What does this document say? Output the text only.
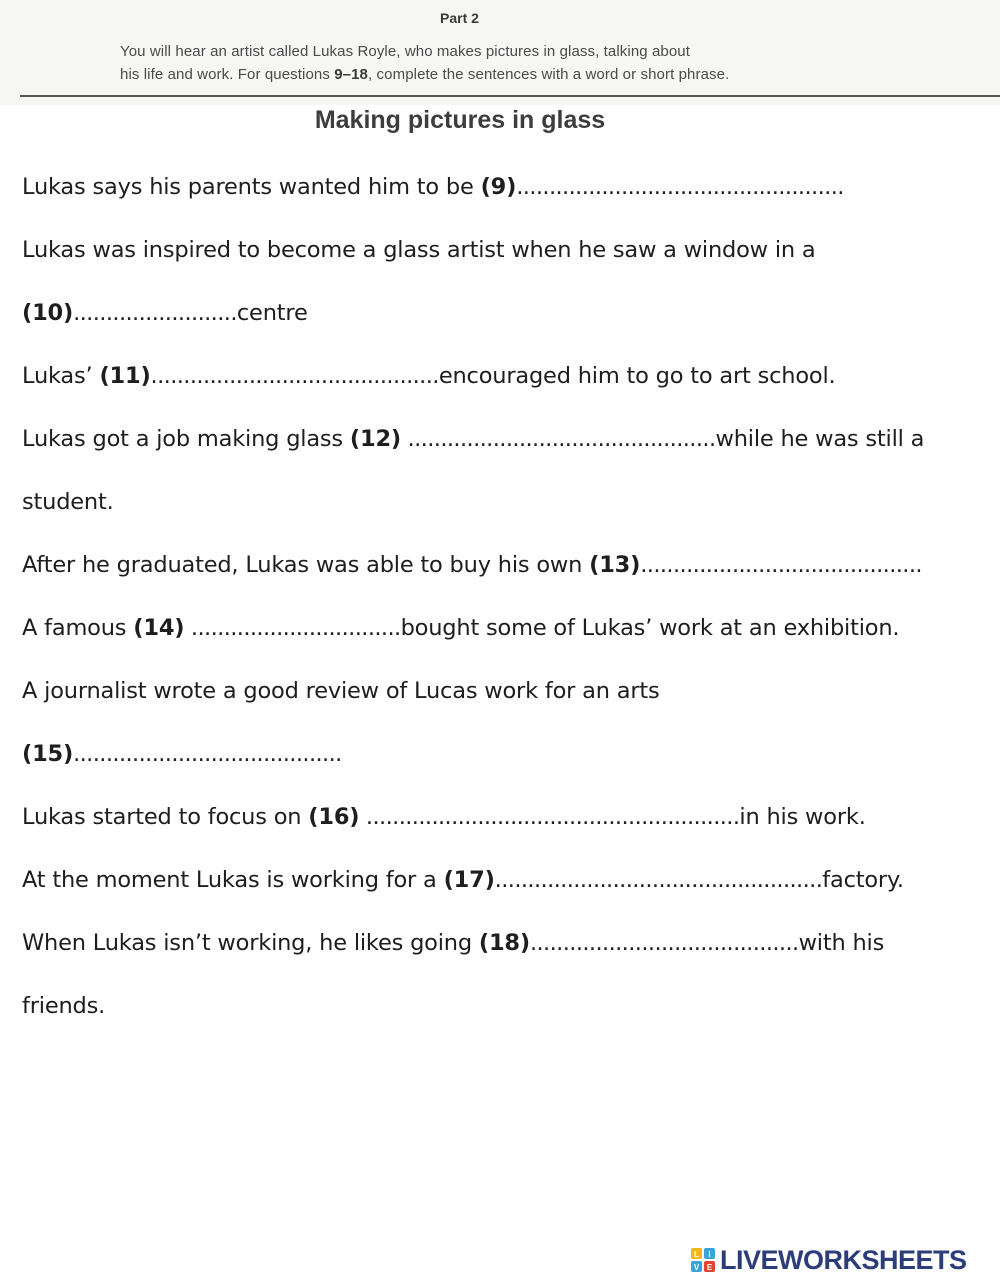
Part 2
You will hear an artist called Lukas Royle, who makes pictures in glass, talking about
his life and work. For questions 9–18, complete the sentences with a word or short phrase.
Making pictures in glass
Lukas says his parents wanted him to be (9)..................................................
Lukas was inspired to become a glass artist when he saw a window in a
(10).........................centre
Lukas’ (11)............................................encouraged him to go to art school.
Lukas got a job making glass (12) ...............................................while he was still a
student.
After he graduated, Lukas was able to buy his own (13)...........................................
A famous (14) ................................bought some of Lukas’ work at an exhibition.
A journalist wrote a good review of Lucas work for an arts
(15).........................................
Lukas started to focus on (16) .........................................................in his work.
At the moment Lukas is working for a (17)..................................................factory.
When Lukas isn’t working, he likes going (18).........................................with his
friends.
L I
V E LIVEWORKSHEETS
